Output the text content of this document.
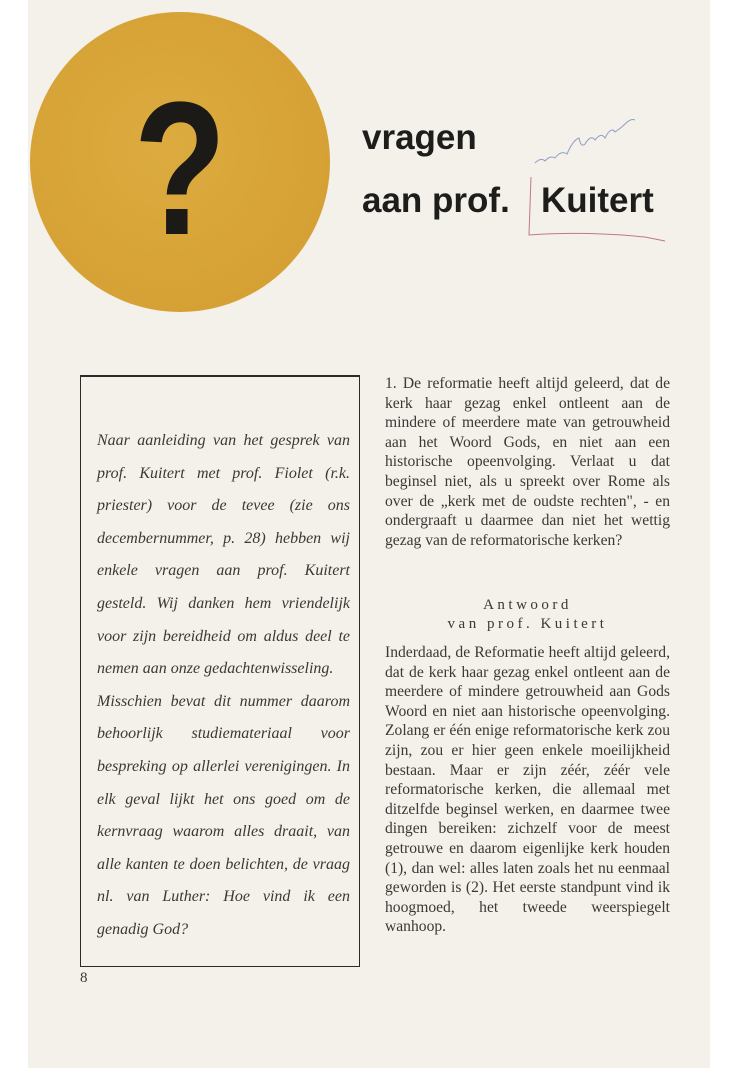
?	vragen
aan prof. Kuitert

Naar aanleiding van het gesprek van prof. Kuitert met prof. Fiolet (r.k. priester) voor de tevee (zie ons decembernummer, p. 28) hebben wij enkele vragen aan prof. Kuitert gesteld. Wij danken hem vriendelijk voor zijn bereidheid om aldus deel te nemen aan onze gedachtenwisseling.

Misschien bevat dit nummer daarom behoorlijk studiemateriaal voor bespreking op allerlei verenigingen. In elk geval lijkt het ons goed om de kernvraag waarom alles draait, van alle kanten te doen belichten, de vraag nl. van Luther: Hoe vind ik een genadig God?

1. De reformatie heeft altijd geleerd, dat de kerk haar gezag enkel ontleent aan de mindere of meerdere mate van getrouwheid aan het Woord Gods, en niet aan een historische opeenvolging. Verlaat u dat beginsel niet, als u spreekt over Rome als over de „kerk met de oudste rechten", - en ondergraaft u daarmee dan niet het wettig gezag van de reformatorische kerken?
Antwoord
van prof. Kuitert
Inderdaad, de Reformatie heeft altijd geleerd, dat de kerk haar gezag enkel ontleent aan de meerdere of mindere getrouwheid aan Gods Woord en niet aan historische opeenvolging. Zolang er één enige reformatorische kerk zou zijn, zou er hier geen enkele moeilijkheid bestaan. Maar er zijn zéér, zéér vele reformatorische kerken, die allemaal met ditzelfde beginsel werken, en daarmee twee dingen bereiken: zichzelf voor de meest getrouwe en daarom eigenlijke kerk houden (1), dan wel: alles laten zoals het nu eenmaal geworden is (2). Het eerste standpunt vind ik hoogmoed, het tweede weerspiegelt wanhoop.
8
